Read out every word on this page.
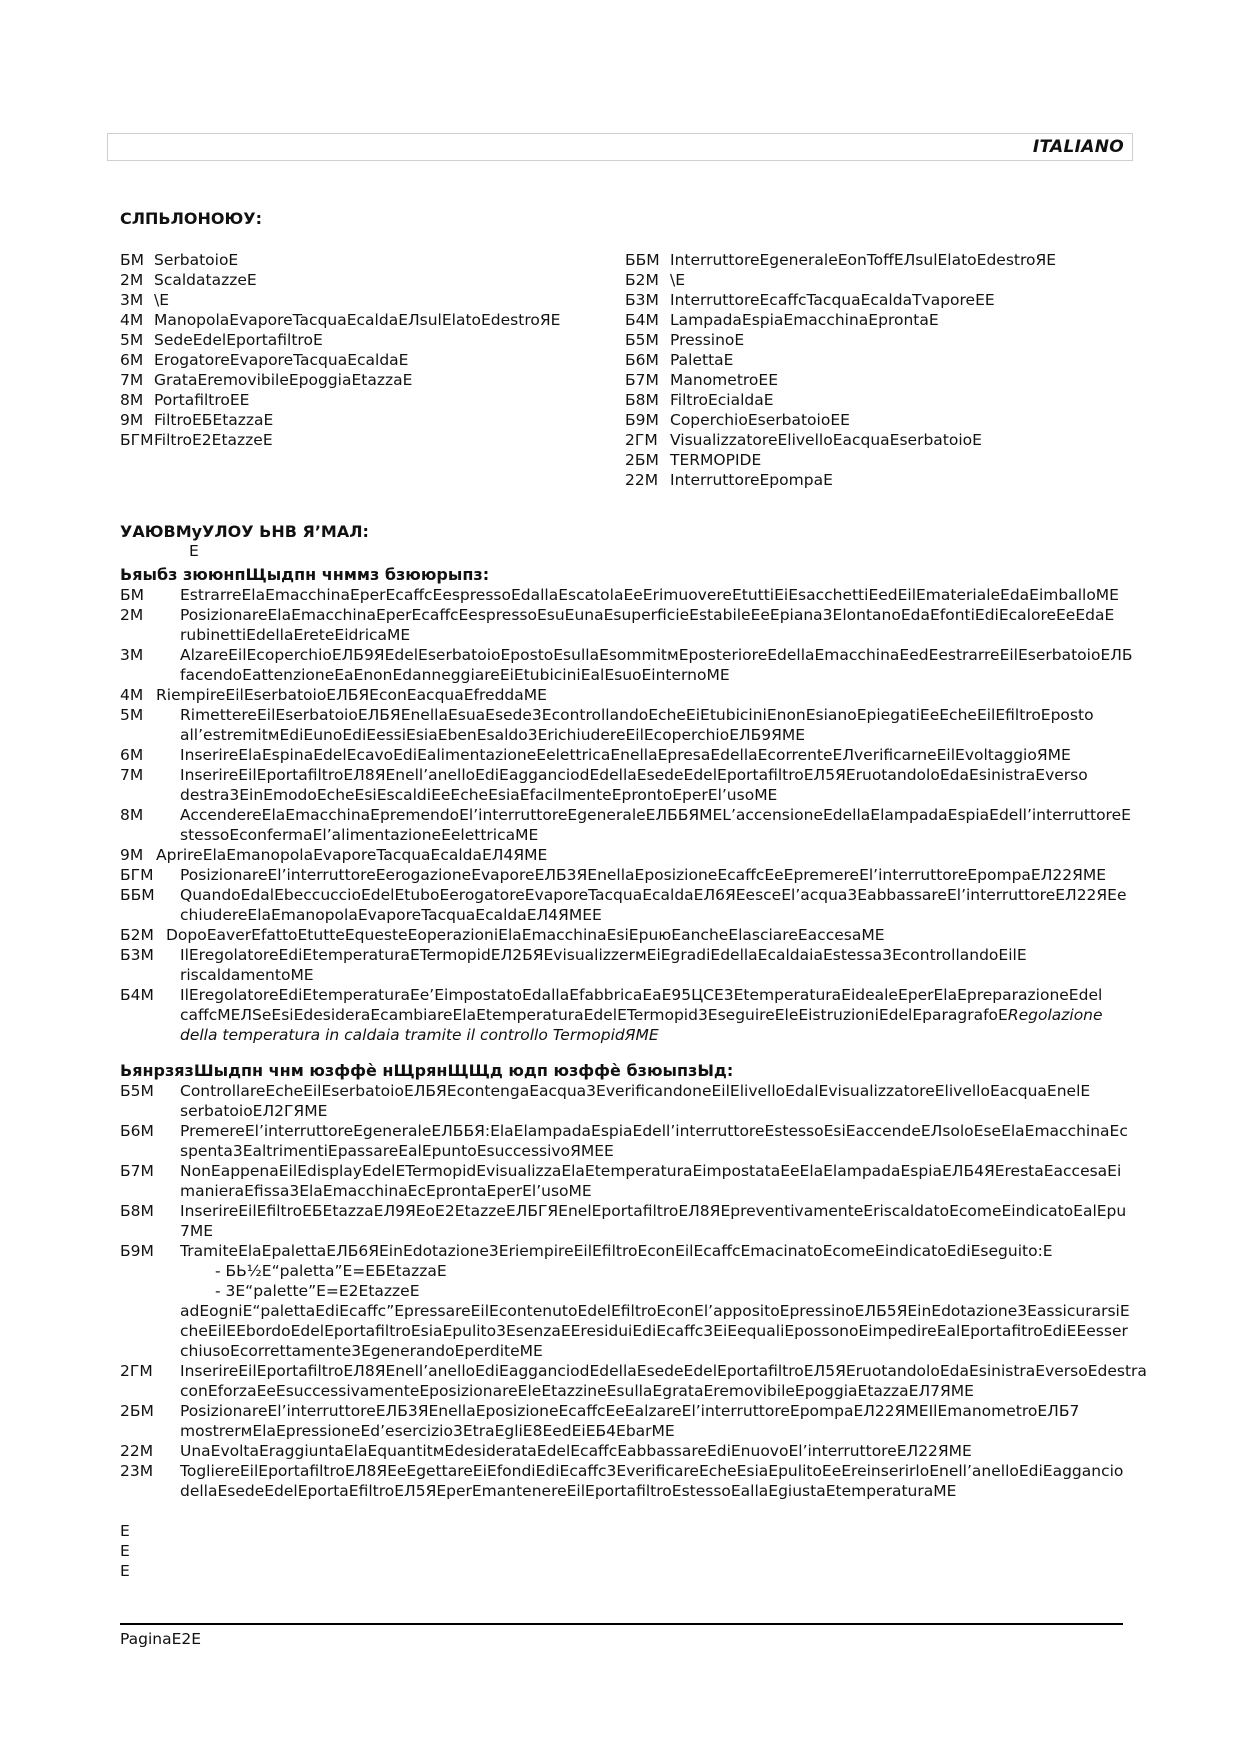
ITALIANO
СЛПЬЛОНОЮУ:
БМ SerbatoioE
2М ScaldatazzeE
3М \E
4М ManopolaEvaporeTacquaEcaldaEЛsulElatoEdestroЯE
5М SedeEdelEportafiltroE
6М ErogatoreEvaporeTacquaEcaldaE
7М GrataEremovibileEpoggiaEtazzaE
8М PortafiltroEE
9М FiltroEБEtazzaE
БГМFiltroE2EtazzeE
ББМ InterruttoreEgeneraleEonToffEЛsulElatoEdestroЯE
Б2М \E
Б3М InterruttoreEcaffcTacquaEcaldaTvaporeEE
Б4М LampadaEspiaEmacchinaEprontaE
Б5М PressinoE
Б6М PalettaE
Б7М ManometroEE
Б8М FiltroEcialdaE
Б9М CoperchioEserbatoioEE
2ГМ VisualizzatoreElivelloEacquaEserbatoioE
2БМ TERMOPIDE
22М InterruttoreEpompaE
УАЮВМyУЛОУ ЬНВ Я’МАЛ:
E
Ьяыбз зююнпЩыдпн чнммз бзююрыпз:
БМ EstrarreElaEmacchinaEperEcaffcEespressoEdallaEscatolaEeErimuovereEtuttiEiEsacchettiEedEilEmaterialeEdaEimballoME
2М PosizionareElaEmacchinaEperEcaffcEespressoEsuEunaEsuperficieEstabileEeEpiana3ElontanoEdaEfontiEdiEcaloreEeEdaE
rubinettiEdellaEreteEidricaME
3М AlzareEilEcoperchioEЛБ9ЯEdelEserbatoioEpostoEsullaEsommitмEposterioreEdellaEmacchinaEedEestrarreEilEserbatoioEЛБ
facendoEattenzioneEaEnonEdanneggiareEiEtubiciniEalEsuoEinternoME
4М RiempireEilEserbatoioEЛБЯEconEacquaEfreddaME
5М RimettereEilEserbatoioEЛБЯEnellaEsuaEsede3EcontrollandoEcheEiEtubiciniEnonEsianoEpiegatiEeEcheEilEfiltroEposto
all’estremitмEdiEunoEdiEessiEsiaEbenEsaldo3ErichiudereEilEcoperchioEЛБ9ЯME
6М InserireElaEspinaEdelEcavoEdiEalimentazioneEelettricaEnellaEpresaEdellaEcorrenteEЛverificarneEilEvoltaggioЯME
7М InserireEilEportafiltroEЛ8ЯEnell’anelloEdiEagganciodEdellaEsedeEdelEportafiltroEЛ5ЯEruotandoloEdaEsinistraEverso
destra3EinEmodoEcheEsiEscaldiEeEcheEsiaEfacilmenteEprontoEperEl’usoME
8М AccendereElaEmacchinaEpremendoEl’interruttoreEgeneraleEЛББЯМEL’accensioneEdellaElampadaEspiaEdell’interruttoreE
stessoEconfermaEl’alimentazioneEelettricaME
9М AprireElaEmanopolaEvaporeTacquaEcaldaEЛ4ЯME
БГМ PosizionareEl’interruttoreEerogazioneEvaporeEЛБ3ЯEnellaEposizioneEcaffcEeEpremereEl’interruttoreEpompaEЛ22ЯME
ББМ QuandoEdalEbeccuccioEdelEtuboEerogatoreEvaporeTacquaEcaldaEЛ6ЯEesceEl’acqua3EabbassareEl’interruttoreEЛ22ЯEe
chiudereElaEmanopolaEvaporeTacquaEcaldaEЛ4ЯMEE
Б2М DopoEaverEfattoEtutteEquesteEoperazioniElaEmacchinaEsiEpuюEancheElasciareEaccesaME
Б3М IlEregolatoreEdiEtemperaturaETermopidEЛ2БЯEvisualizzerмEiEgradiEdellaEcaldaiaEstessa3EcontrollandoEilE
riscaldamentoME
Б4М IlEregolatoreEdiEtemperaturaEe’EimpostatoEdallaEfabbricaEaE95ЦCE3EtemperaturaEidealeEperElaEpreparazioneEdel
caffcMEЛSeEsiEdesideraEcambiareElaEtemperaturaEdelETermopid3EseguireEleEistruzioniEdelEparagrafoERegolazione
della temperatura in caldaia tramite il controllo TermopidЯME
ЬянрзязШыдпн чнм юзффè нЩрянЩЩд юдп юзффè бзюыпзЫд:
Б5М ControllareEcheEilEserbatoioEЛБЯEcontengaEacqua3EverificandoneEilElivelloEdalEvisualizzatoreElivelloEacquaEnelE
serbatoioEЛ2ГЯME
Б6М PremereEl’interruttoreEgeneraleEЛББЯ:ElaElampadaEspiaEdell’interruttoreEstessoEsiEaccendeEЛsoloEseElaEmacchinaEc
spenta3EaltrimentiEpassareEalEpuntoEsuccessivoЯMEE
Б7М NonEappenaEilEdisplayEdelETermopidEvisualizzaElaEtemperaturaEimpostataEeElaElampadaEspiaEЛБ4ЯErestaEaccesaEi
manieraEfissa3ElaEmacchinaEcEprontaEperEl’usoME
Б8М InserireEilEfiltroEБEtazzaEЛ9ЯEoE2EtazzeEЛБГЯEnelEportafiltroEЛ8ЯEpreventivamenteEriscaldatoEcomeEindicatoEalEpu
7ME
Б9М TramiteElaEpalettaEЛБ6ЯEinEdotazione3EriempireEilEfiltroEconEilEcaffcEmacinatoEcomeEindicatoEdiEseguito:E
- БЬ½E“paletta”E=EБEtazzaE
- 3E“palette”E=E2EtazzeE
adEogniE“palettaEdiEcaffc”EpressareEilEcontenutoEdelEfiltroEconEl’appositoEpressinoEЛБ5ЯEinEdotazione3EassicurarsiE
cheEilEEbordoEdelEportafiltroEsiaEpulito3EsenzaEEresiduiEdiEcaffc3EiEequaliEpossonoEimpedireEalEportafitroEdiEEesser
chiusoEcorrettamente3EgenerandoEperditeME
2ГМ InserireEilEportafiltroEЛ8ЯEnell’anelloEdiEagganciodEdellaEsedeEdelEportafiltroEЛ5ЯEruotandoloEdaEsinistraEversoEdestra
conEforzaEeEsuccessivamenteEposizionareEleEtazzineEsullaEgrataEremovibileEpoggiaEtazzaEЛ7ЯME
2БМ PosizionareEl’interruttoreEЛБ3ЯEnellaEposizioneEcaffcEeEalzareEl’interruttoreEpompaEЛ22ЯMEIlEmanometroEЛБ7
mostrerмElaEpressioneEd’esercizio3EtraEgliE8EedEiEБ4EbarME
22М UnaEvoltaEraggiuntaElaEquantitмEdesiderataEdelEcaffcEabbassareEdiEnuovoEl’interruttoreEЛ22ЯME
23М TogliereEilEportafiltroEЛ8ЯEeEgettareEiEfondiEdiEcaffc3EverificareEcheEsiaEpulitoEeEreinserirloEnell’anelloEdiEaggancio
dellaEsedeEdelEportaEfiltroEЛ5ЯEperEmantenereEilEportafiltroEstessoEallaEgiustaEtemperaturaME
E
E
E
PaginaE2E
